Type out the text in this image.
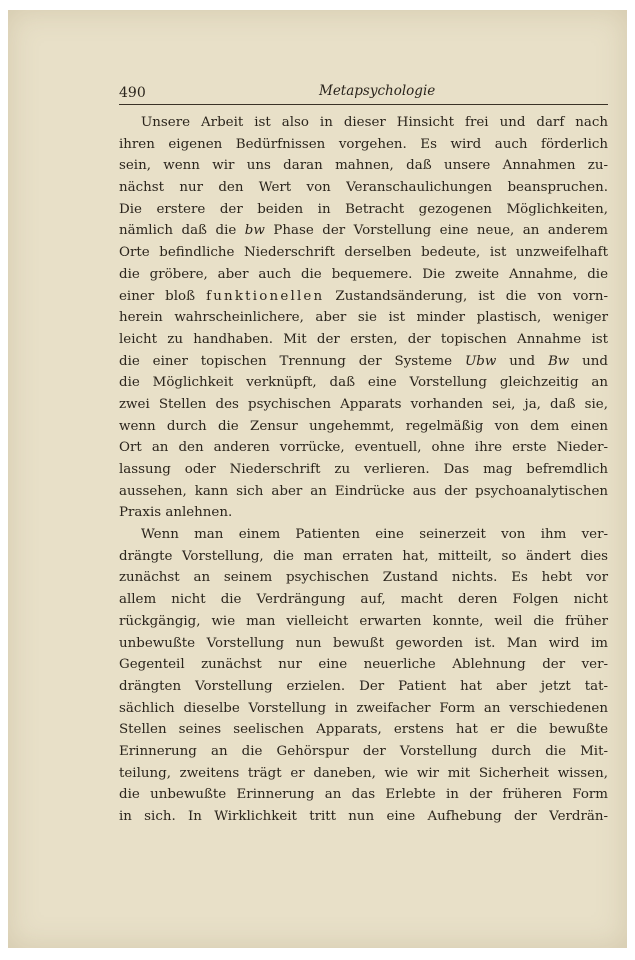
490	Metapsychologie
Unsere Arbeit ist also in dieser Hinsicht frei und darf nach
ihren eigenen Bedürfnissen vorgehen. Es wird auch förderlich
sein, wenn wir uns daran mahnen, daß unsere Annahmen zu-
nächst nur den Wert von Veranschaulichungen beanspruchen.
Die erstere der beiden in Betracht gezogenen Möglichkeiten,
nämlich daß die bw Phase der Vorstellung eine neue, an anderem
Orte befindliche Niederschrift derselben bedeute, ist unzweifelhaft
die gröbere, aber auch die bequemere. Die zweite Annahme, die
einer bloß funktionellen Zustandsänderung, ist die von vorn-
herein wahrscheinlichere, aber sie ist minder plastisch, weniger
leicht zu handhaben. Mit der ersten, der topischen Annahme ist
die einer topischen Trennung der Systeme Ubw und Bw und
die Möglichkeit verknüpft, daß eine Vorstellung gleichzeitig an
zwei Stellen des psychischen Apparats vorhanden sei, ja, daß sie,
wenn durch die Zensur ungehemmt, regelmäßig von dem einen
Ort an den anderen vorrücke, eventuell, ohne ihre erste Nieder-
lassung oder Niederschrift zu verlieren. Das mag befremdlich
aussehen, kann sich aber an Eindrücke aus der psychoanalytischen
Praxis anlehnen.
Wenn man einem Patienten eine seinerzeit von ihm ver-
drängte Vorstellung, die man erraten hat, mitteilt, so ändert dies
zunächst an seinem psychischen Zustand nichts. Es hebt vor
allem nicht die Verdrängung auf, macht deren Folgen nicht
rückgängig, wie man vielleicht erwarten konnte, weil die früher
unbewußte Vorstellung nun bewußt geworden ist. Man wird im
Gegenteil zunächst nur eine neuerliche Ablehnung der ver-
drängten Vorstellung erzielen. Der Patient hat aber jetzt tat-
sächlich dieselbe Vorstellung in zweifacher Form an verschiedenen
Stellen seines seelischen Apparats, erstens hat er die bewußte
Erinnerung an die Gehörspur der Vorstellung durch die Mit-
teilung, zweitens trägt er daneben, wie wir mit Sicherheit wissen,
die unbewußte Erinnerung an das Erlebte in der früheren Form
in sich. In Wirklichkeit tritt nun eine Aufhebung der Verdrän-
